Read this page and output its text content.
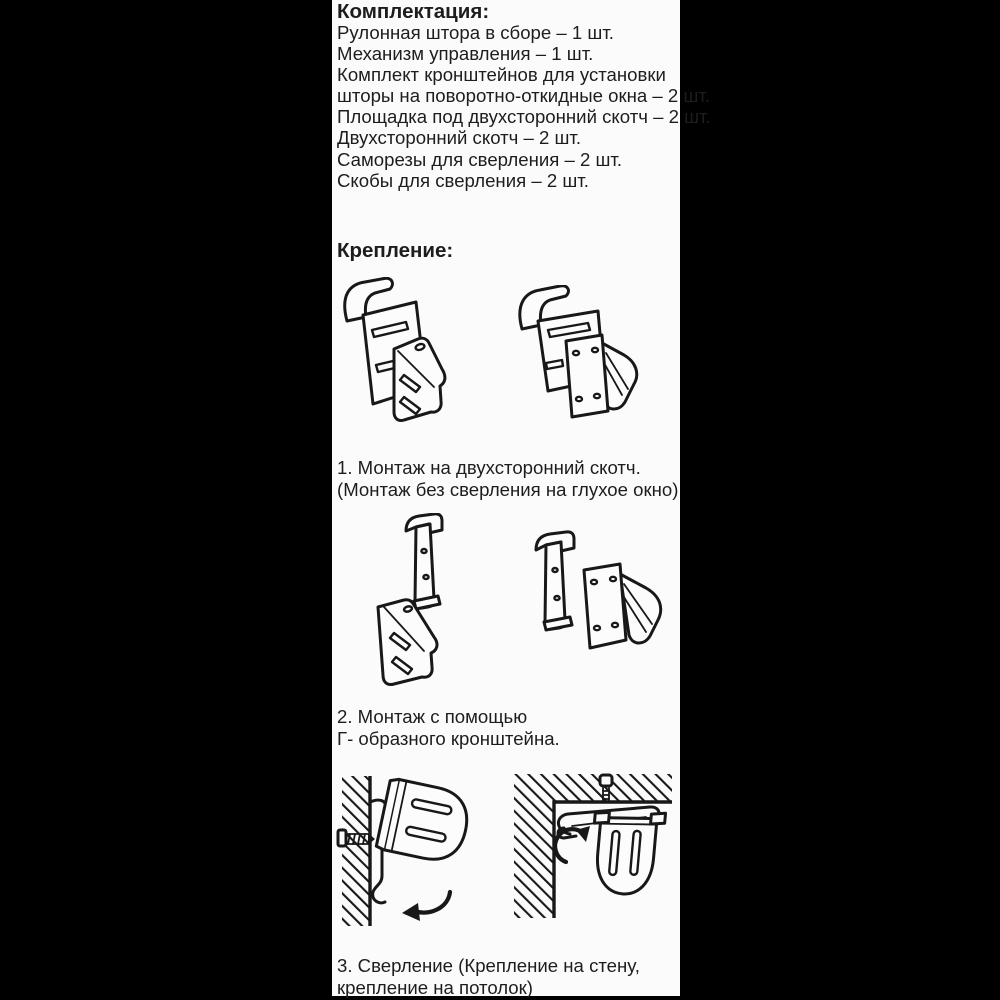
Комплектация:
Рулонная штора в сборе – 1 шт.
Механизм управления – 1 шт.
Комплект кронштейнов для установки
шторы на поворотно-откидные окна – 2 шт.
Площадка под двухсторонний скотч – 2 шт.
Двухсторонний скотч – 2 шт.
Саморезы для сверления – 2 шт.
Скобы для сверления – 2 шт.
Крепление:
1. Монтаж на двухсторонний скотч.
(Монтаж без сверления на глухое окно)
2. Монтаж с помощью
Г- образного кронштейна.
3. Сверление (Крепление на стену,
крепление на потолок)
